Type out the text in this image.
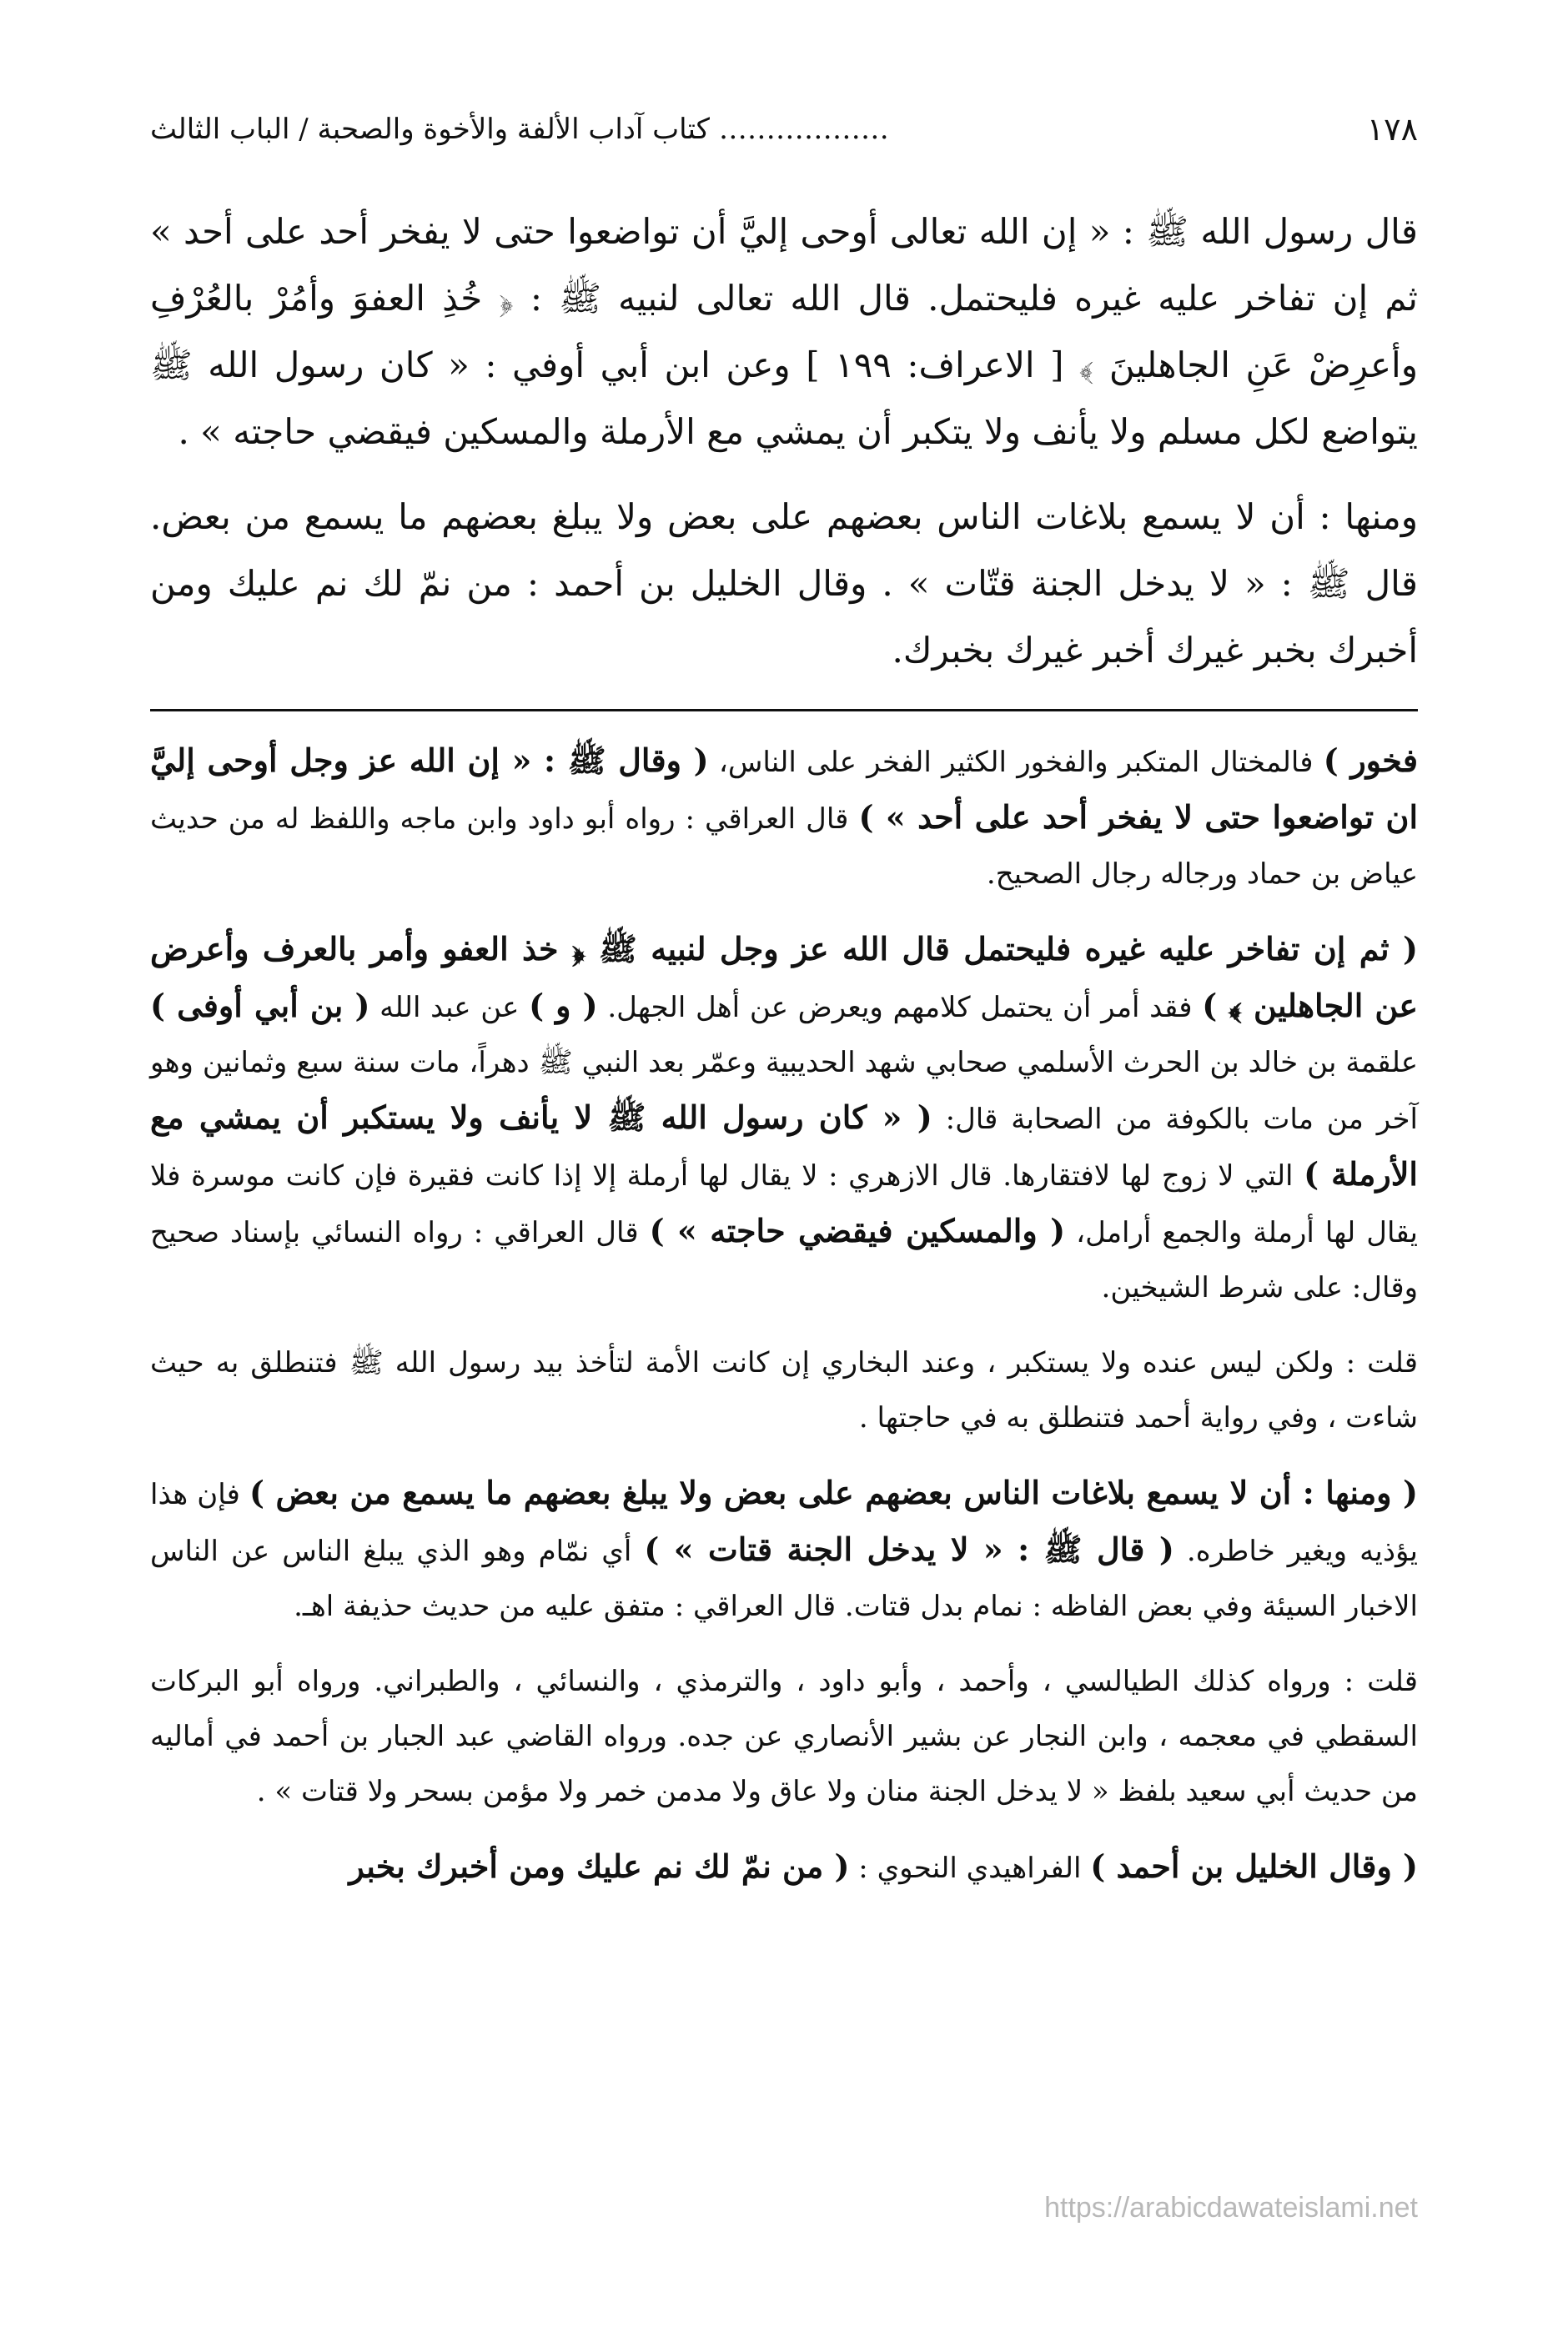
١٧٨
……………… كتاب آداب الألفة والأخوة والصحبة / الباب الثالث

قال رسول الله ﷺ : « إن الله تعالى أوحى إليَّ أن تواضعوا حتى لا يفخر أحد على أحد » ثم إن تفاخر عليه غيره فليحتمل. قال الله تعالى لنبيه ﷺ : ﴿ خُذِ العفوَ وأمُرْ بالعُرْفِ وأعرِضْ عَنِ الجاهلينَ ﴾ [ الاعراف: ١٩٩ ] وعن ابن أبي أوفي : « كان رسول الله ﷺ يتواضع لكل مسلم ولا يأنف ولا يتكبر أن يمشي مع الأرملة والمسكين فيقضي حاجته » .

ومنها : أن لا يسمع بلاغات الناس بعضهم على بعض ولا يبلغ بعضهم ما يسمع من بعض. قال ﷺ : « لا يدخل الجنة قتّات » . وقال الخليل بن أحمد : من نمّ لك نم عليك ومن أخبرك بخبر غيرك أخبر غيرك بخبرك.

فخور ) فالمختال المتكبر والفخور الكثير الفخر على الناس، ( وقال ﷺ : « إن الله عز وجل أوحى إليَّ ان تواضعوا حتى لا يفخر أحد على أحد » ) قال العراقي : رواه أبو داود وابن ماجه واللفظ له من حديث عياض بن حماد ورجاله رجال الصحيح.

( ثم إن تفاخر عليه غيره فليحتمل قال الله عز وجل لنبيه ﷺ ﴿ خذ العفو وأمر بالعرف وأعرض عن الجاهلين ﴾ ) فقد أمر أن يحتمل كلامهم ويعرض عن أهل الجهل. ( و ) عن عبد الله ( بن أبي أوفى ) علقمة بن خالد بن الحرث الأسلمي صحابي شهد الحديبية وعمّر بعد النبي ﷺ دهراً، مات سنة سبع وثمانين وهو آخر من مات بالكوفة من الصحابة قال: ( « كان رسول الله ﷺ لا يأنف ولا يستكبر أن يمشي مع الأرملة ) التي لا زوج لها لافتقارها. قال الازهري : لا يقال لها أرملة إلا إذا كانت فقيرة فإن كانت موسرة فلا يقال لها أرملة والجمع أرامل، ( والمسكين فيقضي حاجته » ) قال العراقي : رواه النسائي بإسناد صحيح وقال: على شرط الشيخين.

قلت : ولكن ليس عنده ولا يستكبر ، وعند البخاري إن كانت الأمة لتأخذ بيد رسول الله ﷺ فتنطلق به حيث شاءت ، وفي رواية أحمد فتنطلق به في حاجتها .

( ومنها : أن لا يسمع بلاغات الناس بعضهم على بعض ولا يبلغ بعضهم ما يسمع من بعض ) فإن هذا يؤذيه ويغير خاطره. ( قال ﷺ : « لا يدخل الجنة قتات » ) أي نمّام وهو الذي يبلغ الناس عن الناس الاخبار السيئة وفي بعض الفاظه : نمام بدل قتات. قال العراقي : متفق عليه من حديث حذيفة اهـ.

قلت : ورواه كذلك الطيالسي ، وأحمد ، وأبو داود ، والترمذي ، والنسائي ، والطبراني. ورواه أبو البركات السقطي في معجمه ، وابن النجار عن بشير الأنصاري عن جده. ورواه القاضي عبد الجبار بن أحمد في أماليه من حديث أبي سعيد بلفظ « لا يدخل الجنة منان ولا عاق ولا مدمن خمر ولا مؤمن بسحر ولا قتات » .

( وقال الخليل بن أحمد ) الفراهيدي النحوي : ( من نمّ لك نم عليك ومن أخبرك بخبر

https://arabicdawateislami.net
